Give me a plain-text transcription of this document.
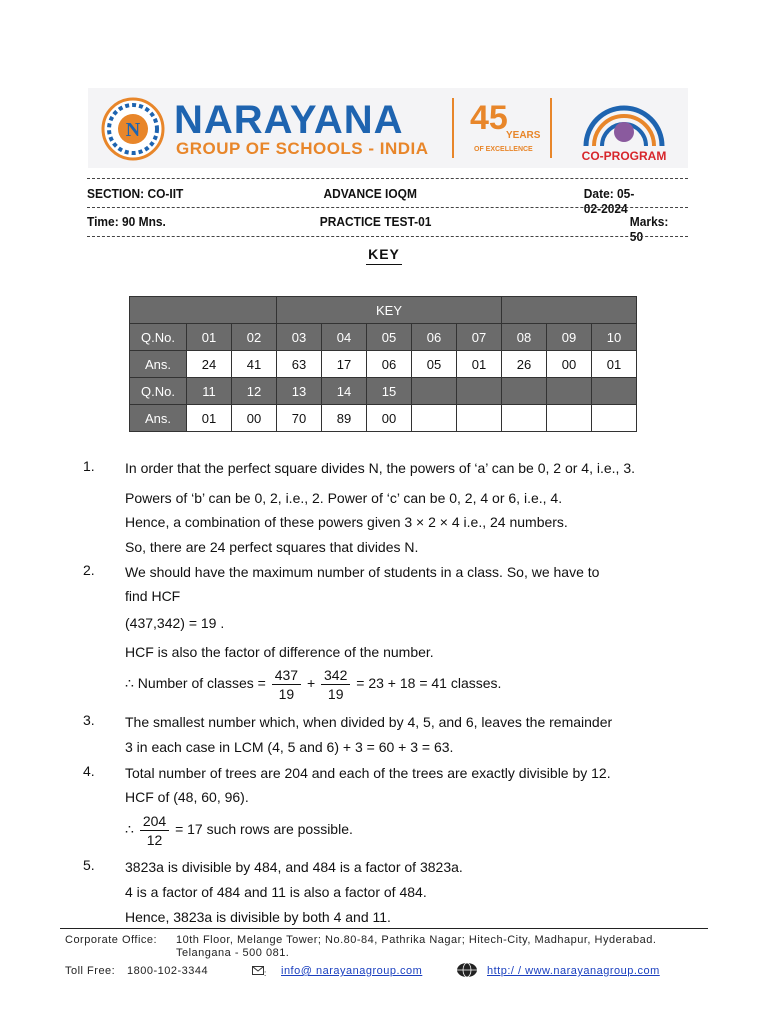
N NARAYANA
GROUP OF SCHOOLS - INDIA
45
YEARS
OF EXCELLENCE	CO-PROGRAM
SECTION: CO-IIT	ADVANCE IOQM	Date: 05-02-2024
Time: 90 Mns.	PRACTICE TEST-01	Marks: 50
KEY
			KEY							
Q.No.	01	02	03	04	05	06	07	08	09	10
Ans.	24	41	63	17	06	05	01	26	00	01
Q.No.	11	12	13	14	15					
Ans.	01	00	70	89	00					
1. In order that the perfect square divides N, the powers of ‘a’ can be 0, 2 or 4, i.e., 3.
Powers of ‘b’ can be 0, 2, i.e., 2. Power of ‘c’ can be 0, 2, 4 or 6, i.e., 4.
Hence, a combination of these powers given 3 × 2 × 4 i.e., 24 numbers.
So, there are 24 perfect squares that divides N.
2. We should have the maximum number of students in a class. So, we have to
find HCF
(437,342) = 19 .
HCF is also the factor of difference of the number.
∴ Number of classes = $\frac{437}{19} + \frac{342}{19} = 23 + 18 = 41$ classes.
3. The smallest number which, when divided by 4, 5, and 6, leaves the remainder
3 in each case in LCM (4, 5 and 6) + 3 = 60 + 3 = 63.
4. Total number of trees are 204 and each of the trees are exactly divisible by 12.
HCF of (48, 60, 96).
∴ $\frac{204}{12} = 17$ such rows are possible.
5. 3823a is divisible by 484, and 484 is a factor of 3823a.
4 is a factor of 484 and 11 is also a factor of 484.
Hence, 3823a is divisible by both 4 and 11.
Corporate Office: 10th Floor, Melange Tower; No.80-84, Pathrika Nagar; Hitech-City, Madhapur, Hyderabad.
Telangana - 500 081.
Toll Free: 1800-102-3344	: info@ narayanagroup.com	http:/ / www.narayanagroup.com
